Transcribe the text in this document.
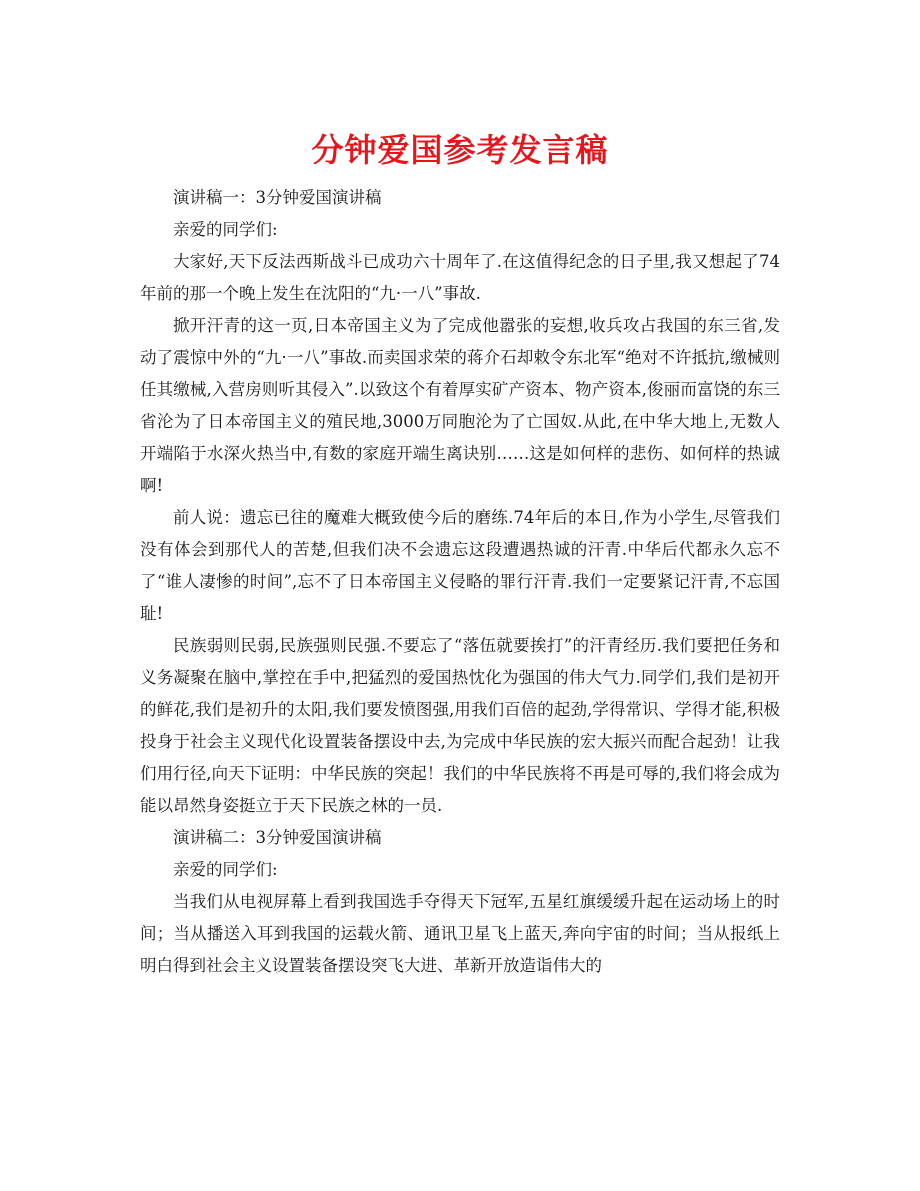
分钟爱国参考发言稿

演讲稿一：3分钟爱国演讲稿

亲爱的同学们:

大家好,天下反法西斯战斗已成功六十周年了.在这值得纪念的日子里,我又想起了74年前的那一个晚上发生在沈阳的“九·一八”事故.

掀开汗青的这一页,日本帝国主义为了完成他嚣张的妄想,收兵攻占我国的东三省,发动了震惊中外的“九·一八”事故.而卖国求荣的蒋介石却敕令东北军“绝对不许抵抗,缴械则任其缴械,入营房则听其侵入”.以致这个有着厚实矿产资本、物产资本,俊丽而富饶的东三省沦为了日本帝国主义的殖民地,3000万同胞沦为了亡国奴.从此,在中华大地上,无数人开端陷于水深火热当中,有数的家庭开端生离诀别……这是如何样的悲伤、如何样的热诚啊!

前人说：遗忘已往的魔难大概致使今后的磨练.74年后的本日,作为小学生,尽管我们没有体会到那代人的苦楚,但我们决不会遗忘这段遭遇热诚的汗青.中华后代都永久忘不了“谁人凄惨的时间”,忘不了日本帝国主义侵略的罪行汗青.我们一定要紧记汗青,不忘国耻!

民族弱则民弱,民族强则民强.不要忘了“落伍就要挨打”的汗青经历.我们要把任务和义务凝聚在脑中,掌控在手中,把猛烈的爱国热忱化为强国的伟大气力.同学们,我们是初开的鲜花,我们是初升的太阳,我们要发愤图强,用我们百倍的起劲,学得常识、学得才能,积极投身于社会主义现代化设置装备摆设中去,为完成中华民族的宏大振兴而配合起劲！让我们用行径,向天下证明：中华民族的突起！我们的中华民族将不再是可辱的,我们将会成为能以昂然身姿挺立于天下民族之林的一员.

演讲稿二：3分钟爱国演讲稿

亲爱的同学们:

当我们从电视屏幕上看到我国选手夺得天下冠军,五星红旗缓缓升起在运动场上的时间；当从播送入耳到我国的运载火箭、通讯卫星飞上蓝天,奔向宇宙的时间；当从报纸上明白得到社会主义设置装备摆设突飞大进、革新开放造诣伟大的
